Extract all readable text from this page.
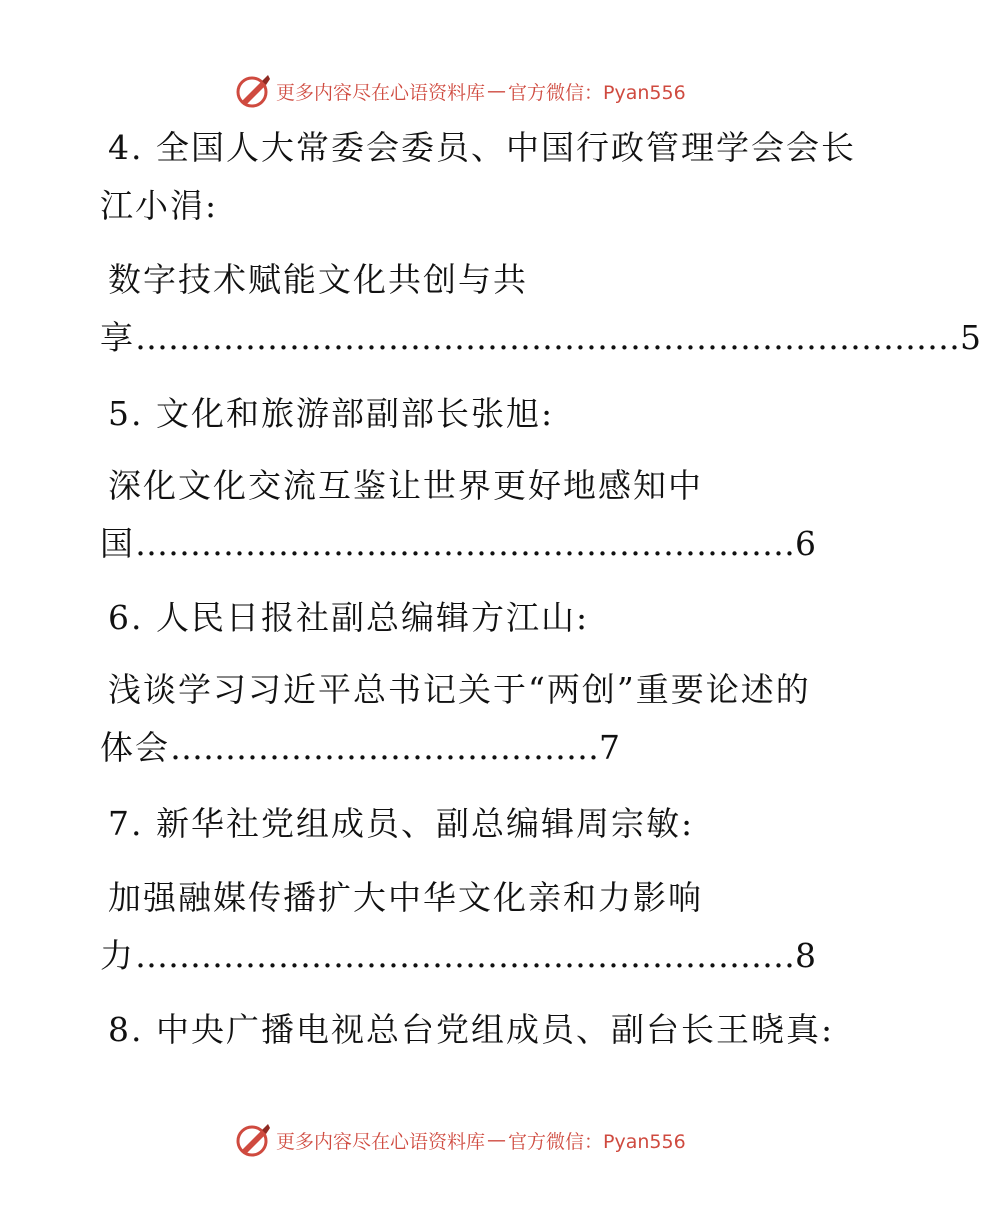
更多内容尽在心语资料库 — 官方微信：Pyan556
4. 全国人大常委会委员、中国行政管理学会会长
江小涓:
数字技术赋能文化共创与共
享…………………………………………………………………5
5. 文化和旅游部副部长张旭:
深化文化交流互鉴让世界更好地感知中
国……………………………………………………6
6. 人民日报社副总编辑方江山:
浅谈学习习近平总书记关于“两创”重要论述的
体会…………………………………7
7. 新华社党组成员、副总编辑周宗敏:
加强融媒传播扩大中华文化亲和力影响
力……………………………………………………8
8. 中央广播电视总台党组成员、副台长王晓真:
更多内容尽在心语资料库 — 官方微信：Pyan556
